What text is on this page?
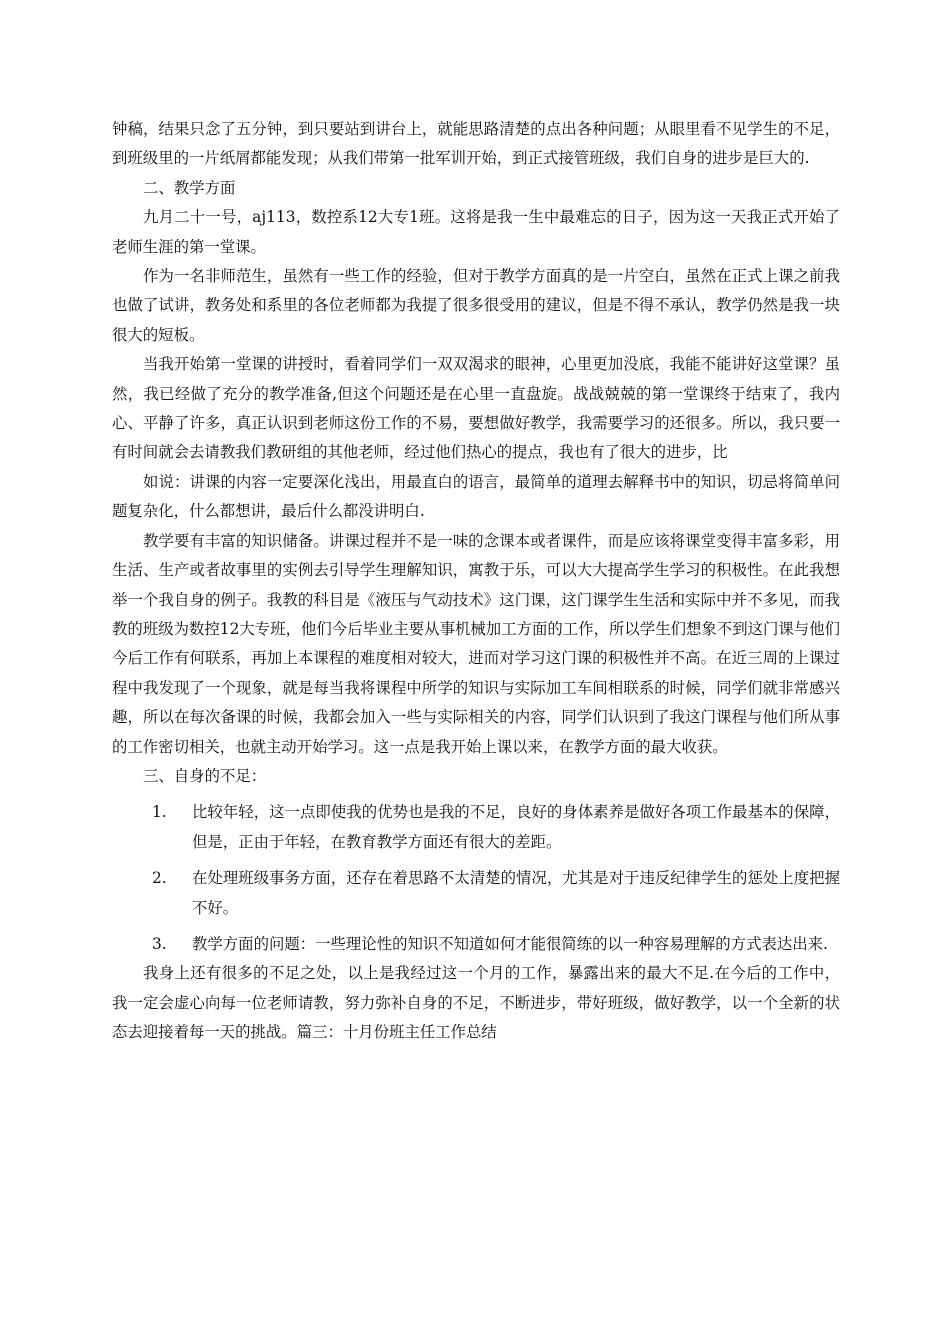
钟稿，结果只念了五分钟，到只要站到讲台上，就能思路清楚的点出各种问题；从眼里看不见学生的不足，到班级里的一片纸屑都能发现；从我们带第一批军训开始，到正式接管班级，我们自身的进步是巨大的.

二、教学方面

九月二十一号，aj113，数控系12大专1班。这将是我一生中最难忘的日子，因为这一天我正式开始了老师生涯的第一堂课。

作为一名非师范生，虽然有一些工作的经验，但对于教学方面真的是一片空白，虽然在正式上课之前我也做了试讲，教务处和系里的各位老师都为我提了很多很受用的建议，但是不得不承认，教学仍然是我一块很大的短板。

当我开始第一堂课的讲授时，看着同学们一双双渴求的眼神，心里更加没底，我能不能讲好这堂课？虽然，我已经做了充分的教学准备,但这个问题还是在心里一直盘旋。战战兢兢的第一堂课终于结束了，我内心、平静了许多，真正认识到老师这份工作的不易，要想做好教学，我需要学习的还很多。所以，我只要一有时间就会去请教我们教研组的其他老师，经过他们热心的提点，我也有了很大的进步，比

如说：讲课的内容一定要深化浅出，用最直白的语言，最简单的道理去解释书中的知识，切忌将简单问题复杂化，什么都想讲，最后什么都没讲明白.

教学要有丰富的知识储备。讲课过程并不是一味的念课本或者课件，而是应该将课堂变得丰富多彩，用生活、生产或者故事里的实例去引导学生理解知识，寓教于乐，可以大大提高学生学习的积极性。在此我想举一个我自身的例子。我教的科目是《液压与气动技术》这门课，这门课学生生活和实际中并不多见，而我教的班级为数控12大专班，他们今后毕业主要从事机械加工方面的工作，所以学生们想象不到这门课与他们今后工作有何联系，再加上本课程的难度相对较大，进而对学习这门课的积极性并不高。在近三周的上课过程中我发现了一个现象，就是每当我将课程中所学的知识与实际加工车间相联系的时候，同学们就非常感兴趣，所以在每次备课的时候，我都会加入一些与实际相关的内容，同学们认识到了我这门课程与他们所从事的工作密切相关，也就主动开始学习。这一点是我开始上课以来，在教学方面的最大收获。

三、自身的不足：

1. 比较年轻，这一点即使我的优势也是我的不足，良好的身体素养是做好各项工作最基本的保障，但是，正由于年轻，在教育教学方面还有很大的差距。
2. 在处理班级事务方面，还存在着思路不太清楚的情况，尤其是对于违反纪律学生的惩处上度把握不好。
3. 教学方面的问题：一些理论性的知识不知道如何才能很简练的以一种容易理解的方式表达出来.

我身上还有很多的不足之处，以上是我经过这一个月的工作，暴露出来的最大不足.在今后的工作中，我一定会虚心向每一位老师请教，努力弥补自身的不足，不断进步，带好班级，做好教学，以一个全新的状态去迎接着每一天的挑战。篇三：十月份班主任工作总结
